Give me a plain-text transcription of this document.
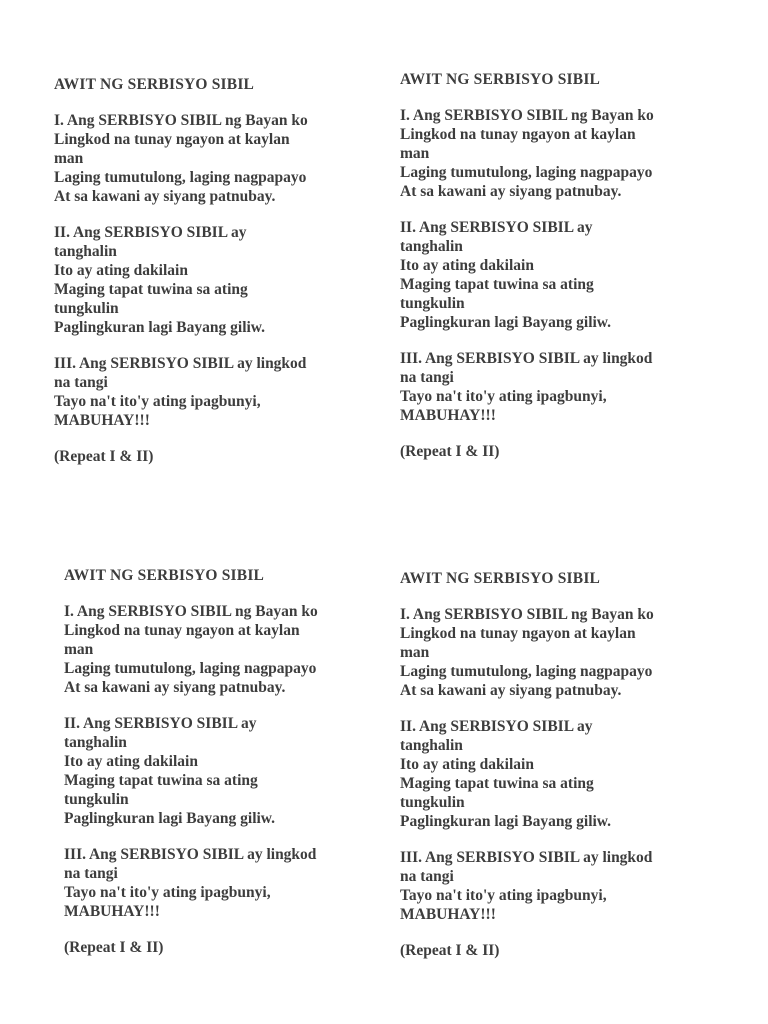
AWIT NG SERBISYO SIBIL
I. Ang SERBISYO SIBIL ng Bayan ko
Lingkod na tunay ngayon at kaylan
man
Laging tumutulong, laging nagpapayo
At sa kawani ay siyang patnubay.
II. Ang SERBISYO SIBIL ay
tanghalin
Ito ay ating dakilain
Maging tapat tuwina sa ating
tungkulin
Paglingkuran lagi Bayang giliw.
III. Ang SERBISYO SIBIL ay lingkod
na tangi
Tayo na't ito'y ating ipagbunyi,
MABUHAY!!!
(Repeat I & II)
AWIT NG SERBISYO SIBIL
I. Ang SERBISYO SIBIL ng Bayan ko
Lingkod na tunay ngayon at kaylan
man
Laging tumutulong, laging nagpapayo
At sa kawani ay siyang patnubay.
II. Ang SERBISYO SIBIL ay
tanghalin
Ito ay ating dakilain
Maging tapat tuwina sa ating
tungkulin
Paglingkuran lagi Bayang giliw.
III. Ang SERBISYO SIBIL ay lingkod
na tangi
Tayo na't ito'y ating ipagbunyi,
MABUHAY!!!
(Repeat I & II)
AWIT NG SERBISYO SIBIL
I. Ang SERBISYO SIBIL ng Bayan ko
Lingkod na tunay ngayon at kaylan
man
Laging tumutulong, laging nagpapayo
At sa kawani ay siyang patnubay.
II. Ang SERBISYO SIBIL ay
tanghalin
Ito ay ating dakilain
Maging tapat tuwina sa ating
tungkulin
Paglingkuran lagi Bayang giliw.
III. Ang SERBISYO SIBIL ay lingkod
na tangi
Tayo na't ito'y ating ipagbunyi,
MABUHAY!!!
(Repeat I & II)
AWIT NG SERBISYO SIBIL
I. Ang SERBISYO SIBIL ng Bayan ko
Lingkod na tunay ngayon at kaylan
man
Laging tumutulong, laging nagpapayo
At sa kawani ay siyang patnubay.
II. Ang SERBISYO SIBIL ay
tanghalin
Ito ay ating dakilain
Maging tapat tuwina sa ating
tungkulin
Paglingkuran lagi Bayang giliw.
III. Ang SERBISYO SIBIL ay lingkod
na tangi
Tayo na't ito'y ating ipagbunyi,
MABUHAY!!!
(Repeat I & II)
